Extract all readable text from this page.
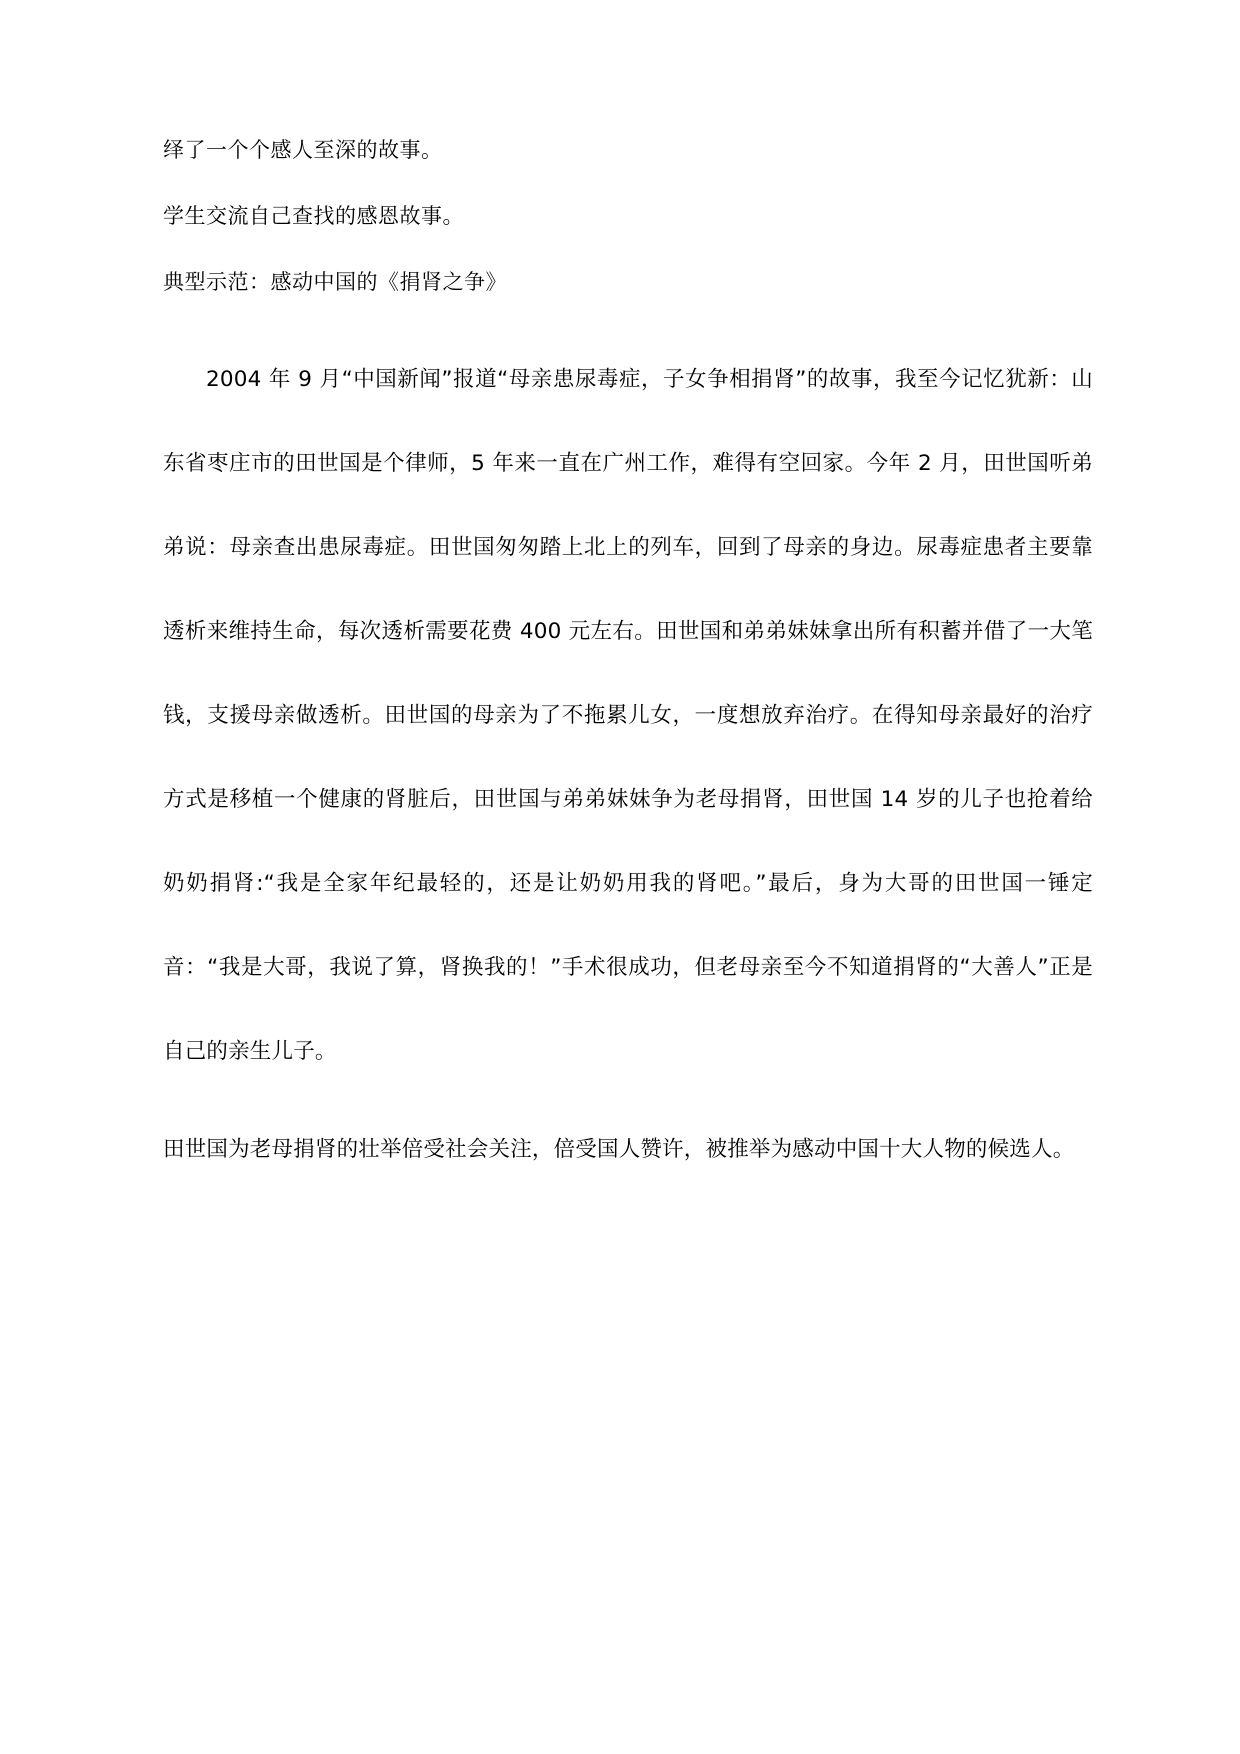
绎了一个个感人至深的故事。

学生交流自己查找的感恩故事。

典型示范：感动中国的《捐肾之争》

2004 年 9 月“中国新闻”报道“母亲患尿毒症，子女争相捐肾”的故事，我至今记忆犹新：山东省枣庄市的田世国是个律师，5 年来一直在广州工作，难得有空回家。今年 2 月，田世国听弟弟说：母亲查出患尿毒症。田世国匆匆踏上北上的列车，回到了母亲的身边。尿毒症患者主要靠透析来维持生命，每次透析需要花费 400 元左右。田世国和弟弟妹妹拿出所有积蓄并借了一大笔钱，支援母亲做透析。田世国的母亲为了不拖累儿女，一度想放弃治疗。在得知母亲最好的治疗方式是移植一个健康的肾脏后，田世国与弟弟妹妹争为老母捐肾，田世国 14 岁的儿子也抢着给奶奶捐肾:“我是全家年纪最轻的，还是让奶奶用我的肾吧。”最后，身为大哥的田世国一锤定音：“我是大哥，我说了算，肾换我的！”手术很成功，但老母亲至今不知道捐肾的“大善人”正是自己的亲生儿子。

田世国为老母捐肾的壮举倍受社会关注，倍受国人赞许，被推举为感动中国十大人物的候选人。
